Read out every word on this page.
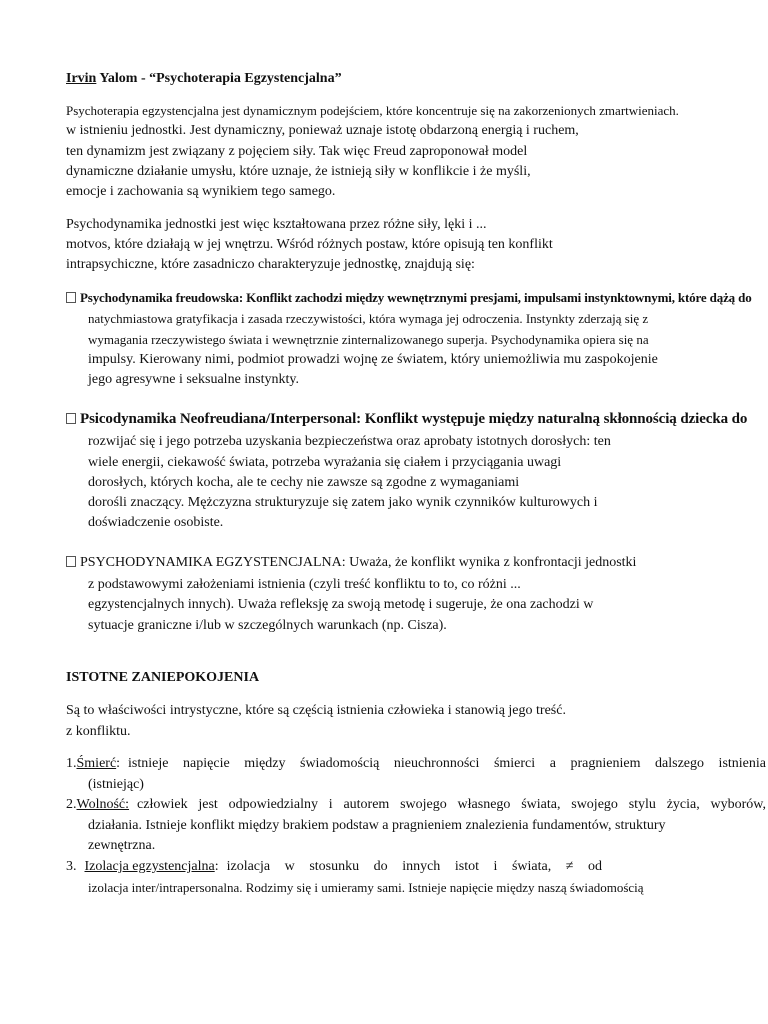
Irvin Yalom - “Psychoterapia Egzystencjalna”
Psychoterapia egzystencjalna jest dynamicznym podejściem, które koncentruje się na zakorzenionych zmartwieniach.
w istnieniu jednostki. Jest dynamiczny, ponieważ uznaje istotę obdarzoną energią i ruchem,
ten dynamizm jest związany z pojęciem siły. Tak więc Freud zaproponował model
dynamiczne działanie umysłu, które uznaje, że istnieją siły w konflikcie i że myśli,
emocje i zachowania są wynikiem tego samego.
Psychodynamika jednostki jest więc kształtowana przez różne siły, lęki i ...
motvos, które działają w jej wnętrzu. Wśród różnych postaw, które opisują ten konflikt
intrapsychiczne, które zasadniczo charakteryzuje jednostkę, znajdują się:
Psychodynamika freudowska: Konflikt zachodzi między wewnętrznymi presjami, impulsami instynktownymi, które dążą do
natychmiastowa gratyfikacja i zasada rzeczywistości, która wymaga jej odroczenia. Instynkty zderzają się z
wymagania rzeczywistego świata i wewnętrznie zinternalizowanego superja. Psychodynamika opiera się na
impulsy. Kierowany nimi, podmiot prowadzi wojnę ze światem, który uniemożliwia mu zaspokojenie
jego agresywne i seksualne instynkty.
Psicodynamika Neofreudiana/Interpersonal: Konflikt występuje między naturalną skłonnością dziecka do
rozwijać się i jego potrzeba uzyskania bezpieczeństwa oraz aprobaty istotnych dorosłych: ten
wiele energii, ciekawość świata, potrzeba wyrażania się ciałem i przyciągania uwagi
dorosłych, których kocha, ale te cechy nie zawsze są zgodne z wymaganiami
dorośli znaczący. Mężczyzna strukturyzuje się zatem jako wynik czynników kulturowych i
doświadczenie osobiste.
PSYCHODYNAMIKA EGZYSTENCJALNA: Uważa, że konflikt wynika z konfrontacji jednostki
z podstawowymi założeniami istnienia (czyli treść konfliktu to to, co różni ...
egzystencjalnych innych). Uważa refleksję za swoją metodę i sugeruje, że ona zachodzi w
sytuacje graniczne i/lub w szczególnych warunkach (np. Cisza).
ISTOTNE ZANIEPOKOJENIA
Są to właściwości intrystyczne, które są częścią istnienia człowieka i stanowią jego treść.
z konfliktu.
1. Śmierć: istnieje napięcie między świadomością nieuchronności śmierci a pragnieniem dalszego istnienia
(istniejąc)
2. Wolność: człowiek jest odpowiedzialny i autorem swojego własnego świata, swojego stylu życia, wyborów,
działania. Istnieje konflikt między brakiem podstaw a pragnieniem znalezienia fundamentów, struktury
zewnętrzna.
3. Izolacja egzystencjalna: izolacja w stosunku do innych istot i świata, ≠ od
izolacja inter/intrapersonalna. Rodzimy się i umieramy sami. Istnieje napięcie między naszą świadomością
